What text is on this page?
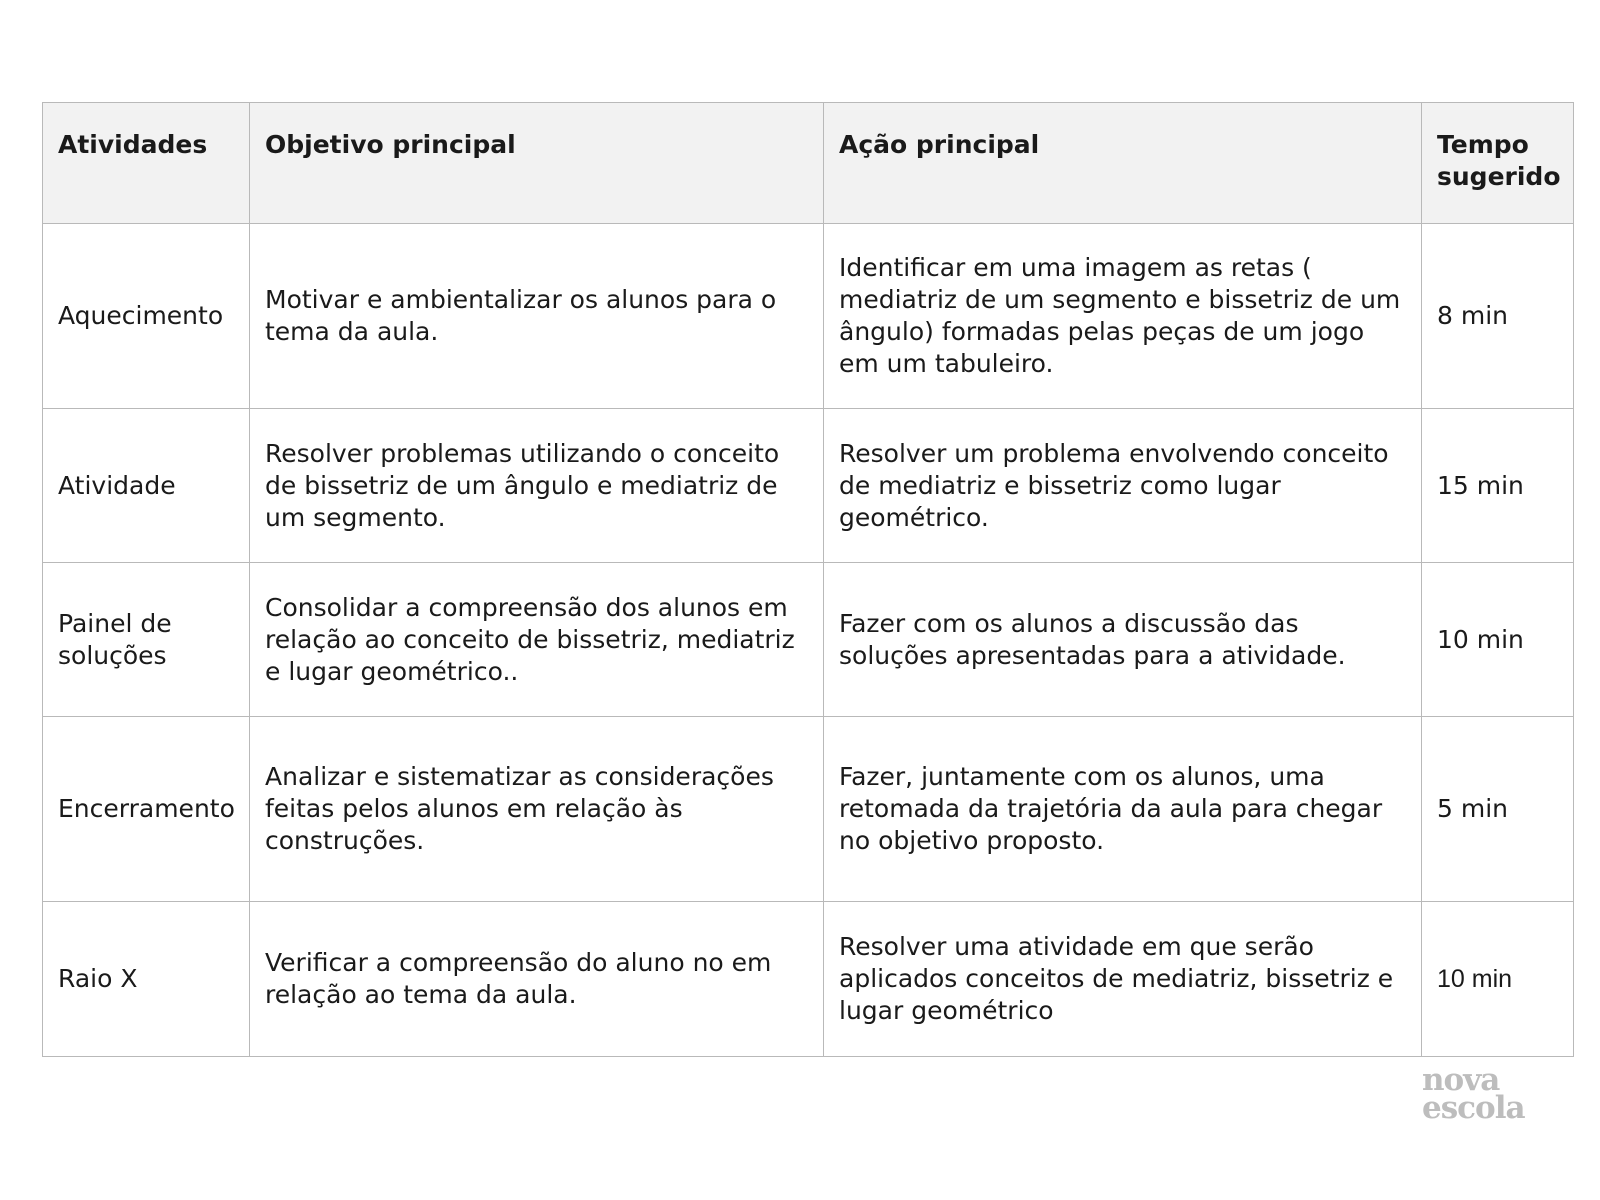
Atividades	Objetivo principal	Ação principal	Tempo sugerido
Aquecimento	Motivar e ambientalizar os alunos para o tema da aula.	Identificar em uma imagem as retas ( mediatriz de um segmento e bissetriz de um ângulo) formadas pelas peças de um jogo em um tabuleiro.	8 min
Atividade	Resolver problemas utilizando o conceito de bissetriz de um ângulo e mediatriz de um segmento.	Resolver um problema envolvendo conceito de mediatriz e bissetriz como lugar geométrico.	15 min
Painel de soluções	Consolidar a compreensão dos alunos em relação ao conceito de bissetriz, mediatriz e lugar geométrico..	Fazer com os alunos a discussão das soluções apresentadas para a atividade.	10 min
Encerramento	Analizar e sistematizar as considerações feitas pelos alunos em relação às construções.	Fazer, juntamente com os alunos, uma retomada da trajetória da aula para chegar no objetivo proposto.	5 min
Raio X	Verificar a compreensão do aluno no em relação ao tema da aula.	Resolver uma atividade em que serão aplicados conceitos de mediatriz, bissetriz e lugar geométrico	10 min
nova
escola
